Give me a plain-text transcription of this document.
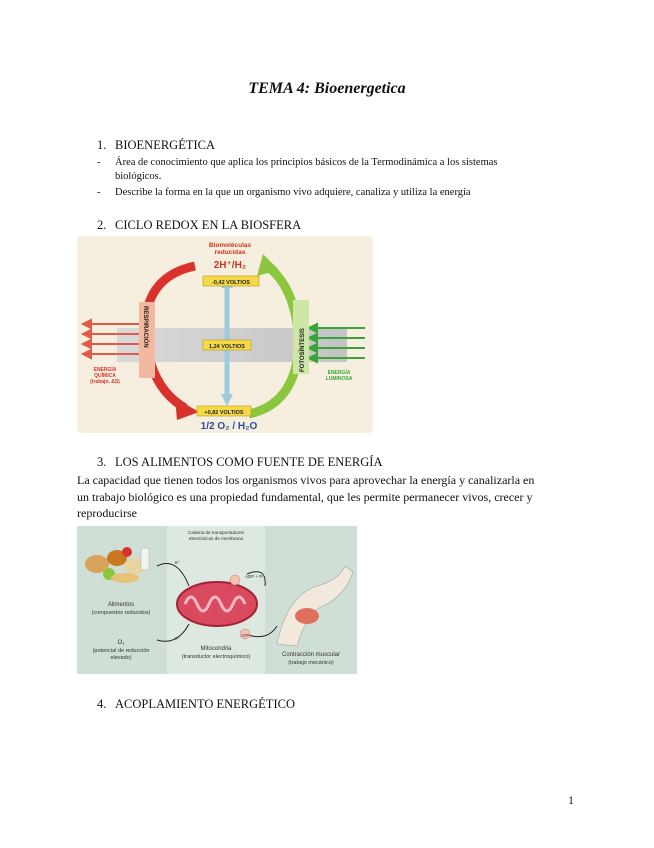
TEMA 4: Bioenergetica
1. BIOENERGÉTICA
- Área de conocimiento que aplica los principios básicos de la Termodinámica a los sistemas
biológicos.
- Describe la forma en la que un organismo vivo adquiere, canaliza y utiliza la energía
2. CICLO REDOX EN LA BIOSFERA
Biomoléculas
reducidas
2H⁺/H₂
-0,42 VOLTIOS
1,24 VOLTIOS
+0,82 VOLTIOS
1/2 O₂ / H₂O
RESPIRACIÓN
FOTOSÍNTESIS
ENERGÍA
QUÍMICA
(trabajo, ΔS)
ENERGÍA
LUMINOSA
3. LOS ALIMENTOS COMO FUENTE DE ENERGÍA
La capacidad que tienen todos los organismos vivos para aprovechar la energía y canalizarla en
un trabajo biológico es una propiedad fundamental, que les permite permanecer vivos, crecer y
reproducirse
Cadena de transportadores
electrónicos de membrana
ADP + Pᵢ
ATP
e⁻
e⁻
Alimentos
(compuestos reducidos)
O₂
(potencial de reducción
elevado)
Mitocondria
(transductor electroquímico)	Contracción muscular
(trabajo mecánico)
4. ACOPLAMIENTO ENERGÉTICO
1
